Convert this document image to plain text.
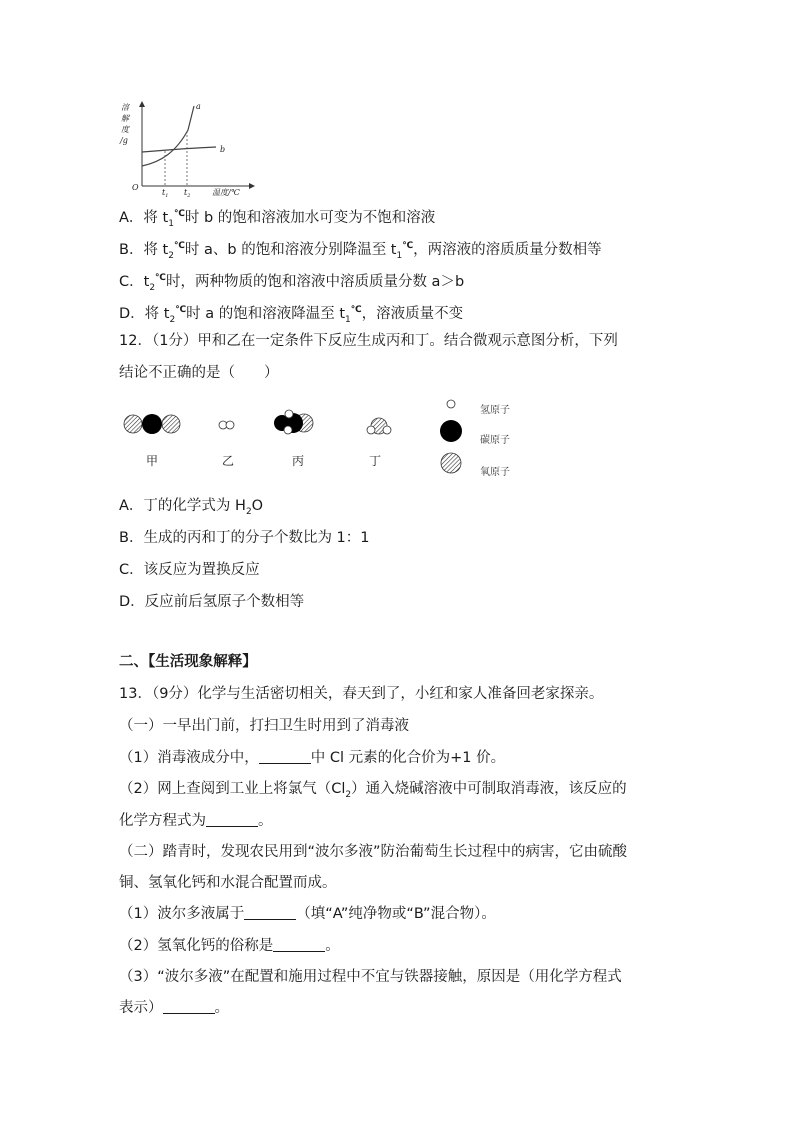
溶
解
度
/g
O
a
b
$t_1$ $t_2$	温度/℃
A．将 $t_1^℃$时 b 的饱和溶液加水可变为不饱和溶液
B．将 $t_2^℃$时 a、b 的饱和溶液分别降温至 $t_1^℃$，两溶液的溶质质量分数相等
C．$t_2^℃$时，两种物质的饱和溶液中溶质质量分数 a＞b
D．将 $t_2^℃$时 a 的饱和溶液降温至 $t_1^℃$，溶液质量不变
12．（1分）甲和乙在一定条件下反应生成丙和丁。结合微观示意图分析，下列
结论不正确的是（　　）
甲	乙	丙	丁
氢原子
碳原子
氧原子
A．丁的化学式为 $H_2O$
B．生成的丙和丁的分子个数比为 1：1
C．该反应为置换反应
D．反应前后氢原子个数相等
二、【生活现象解释】
13．（9分）化学与生活密切相关，春天到了，小红和家人准备回老家探亲。
（一）一早出门前，打扫卫生时用到了消毒液
（1）消毒液成分中，	中 Cl 元素的化合价为+1 价。
（2）网上查阅到工业上将氯气$(Cl_2)$通入烧碱溶液中可制取消毒液，该反应的
化学方程式为	。
（二）踏青时，发现农民用到“波尔多液”防治葡萄生长过程中的病害，它由硫酸
铜、氢氧化钙和水混合配置而成。
（1）波尔多液属于	（填“A”纯净物或“B”混合物）。
（2）氢氧化钙的俗称是	。
（3）“波尔多液”在配置和施用过程中不宜与铁器接触，原因是（用化学方程式
表示）	。
